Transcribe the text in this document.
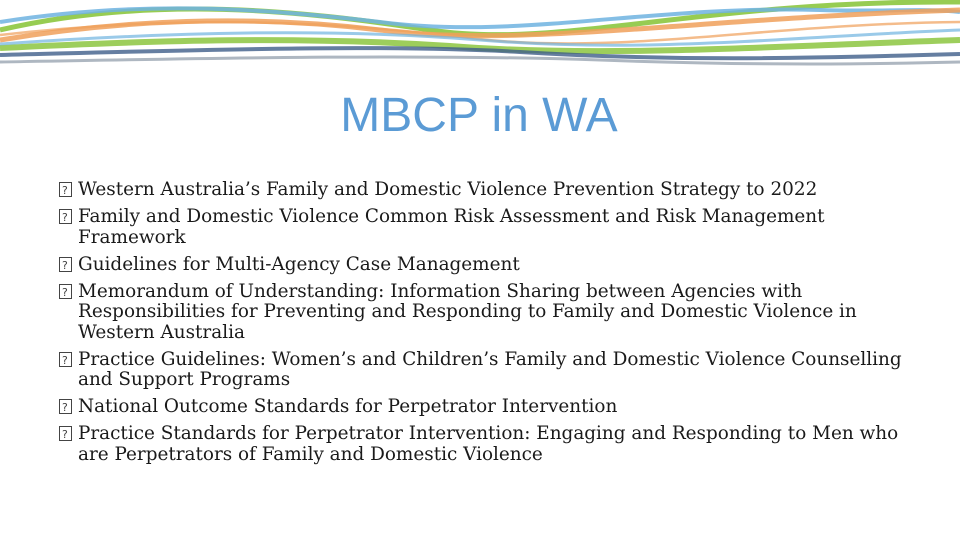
MBCP in WA
?
Western Australia’s Family and Domestic Violence Prevention Strategy to 2022
?
Family and Domestic Violence Common Risk Assessment and Risk Management Framework
?
Guidelines for Multi-Agency Case Management
?
Memorandum of Understanding: Information Sharing between Agencies with Responsibilities for Preventing and Responding to Family and Domestic Violence in Western Australia
?
Practice Guidelines: Women’s and Children’s Family and Domestic Violence Counselling and Support Programs
?
National Outcome Standards for Perpetrator Intervention
?
Practice Standards for Perpetrator Intervention: Engaging and Responding to Men who are Perpetrators of Family and Domestic Violence
